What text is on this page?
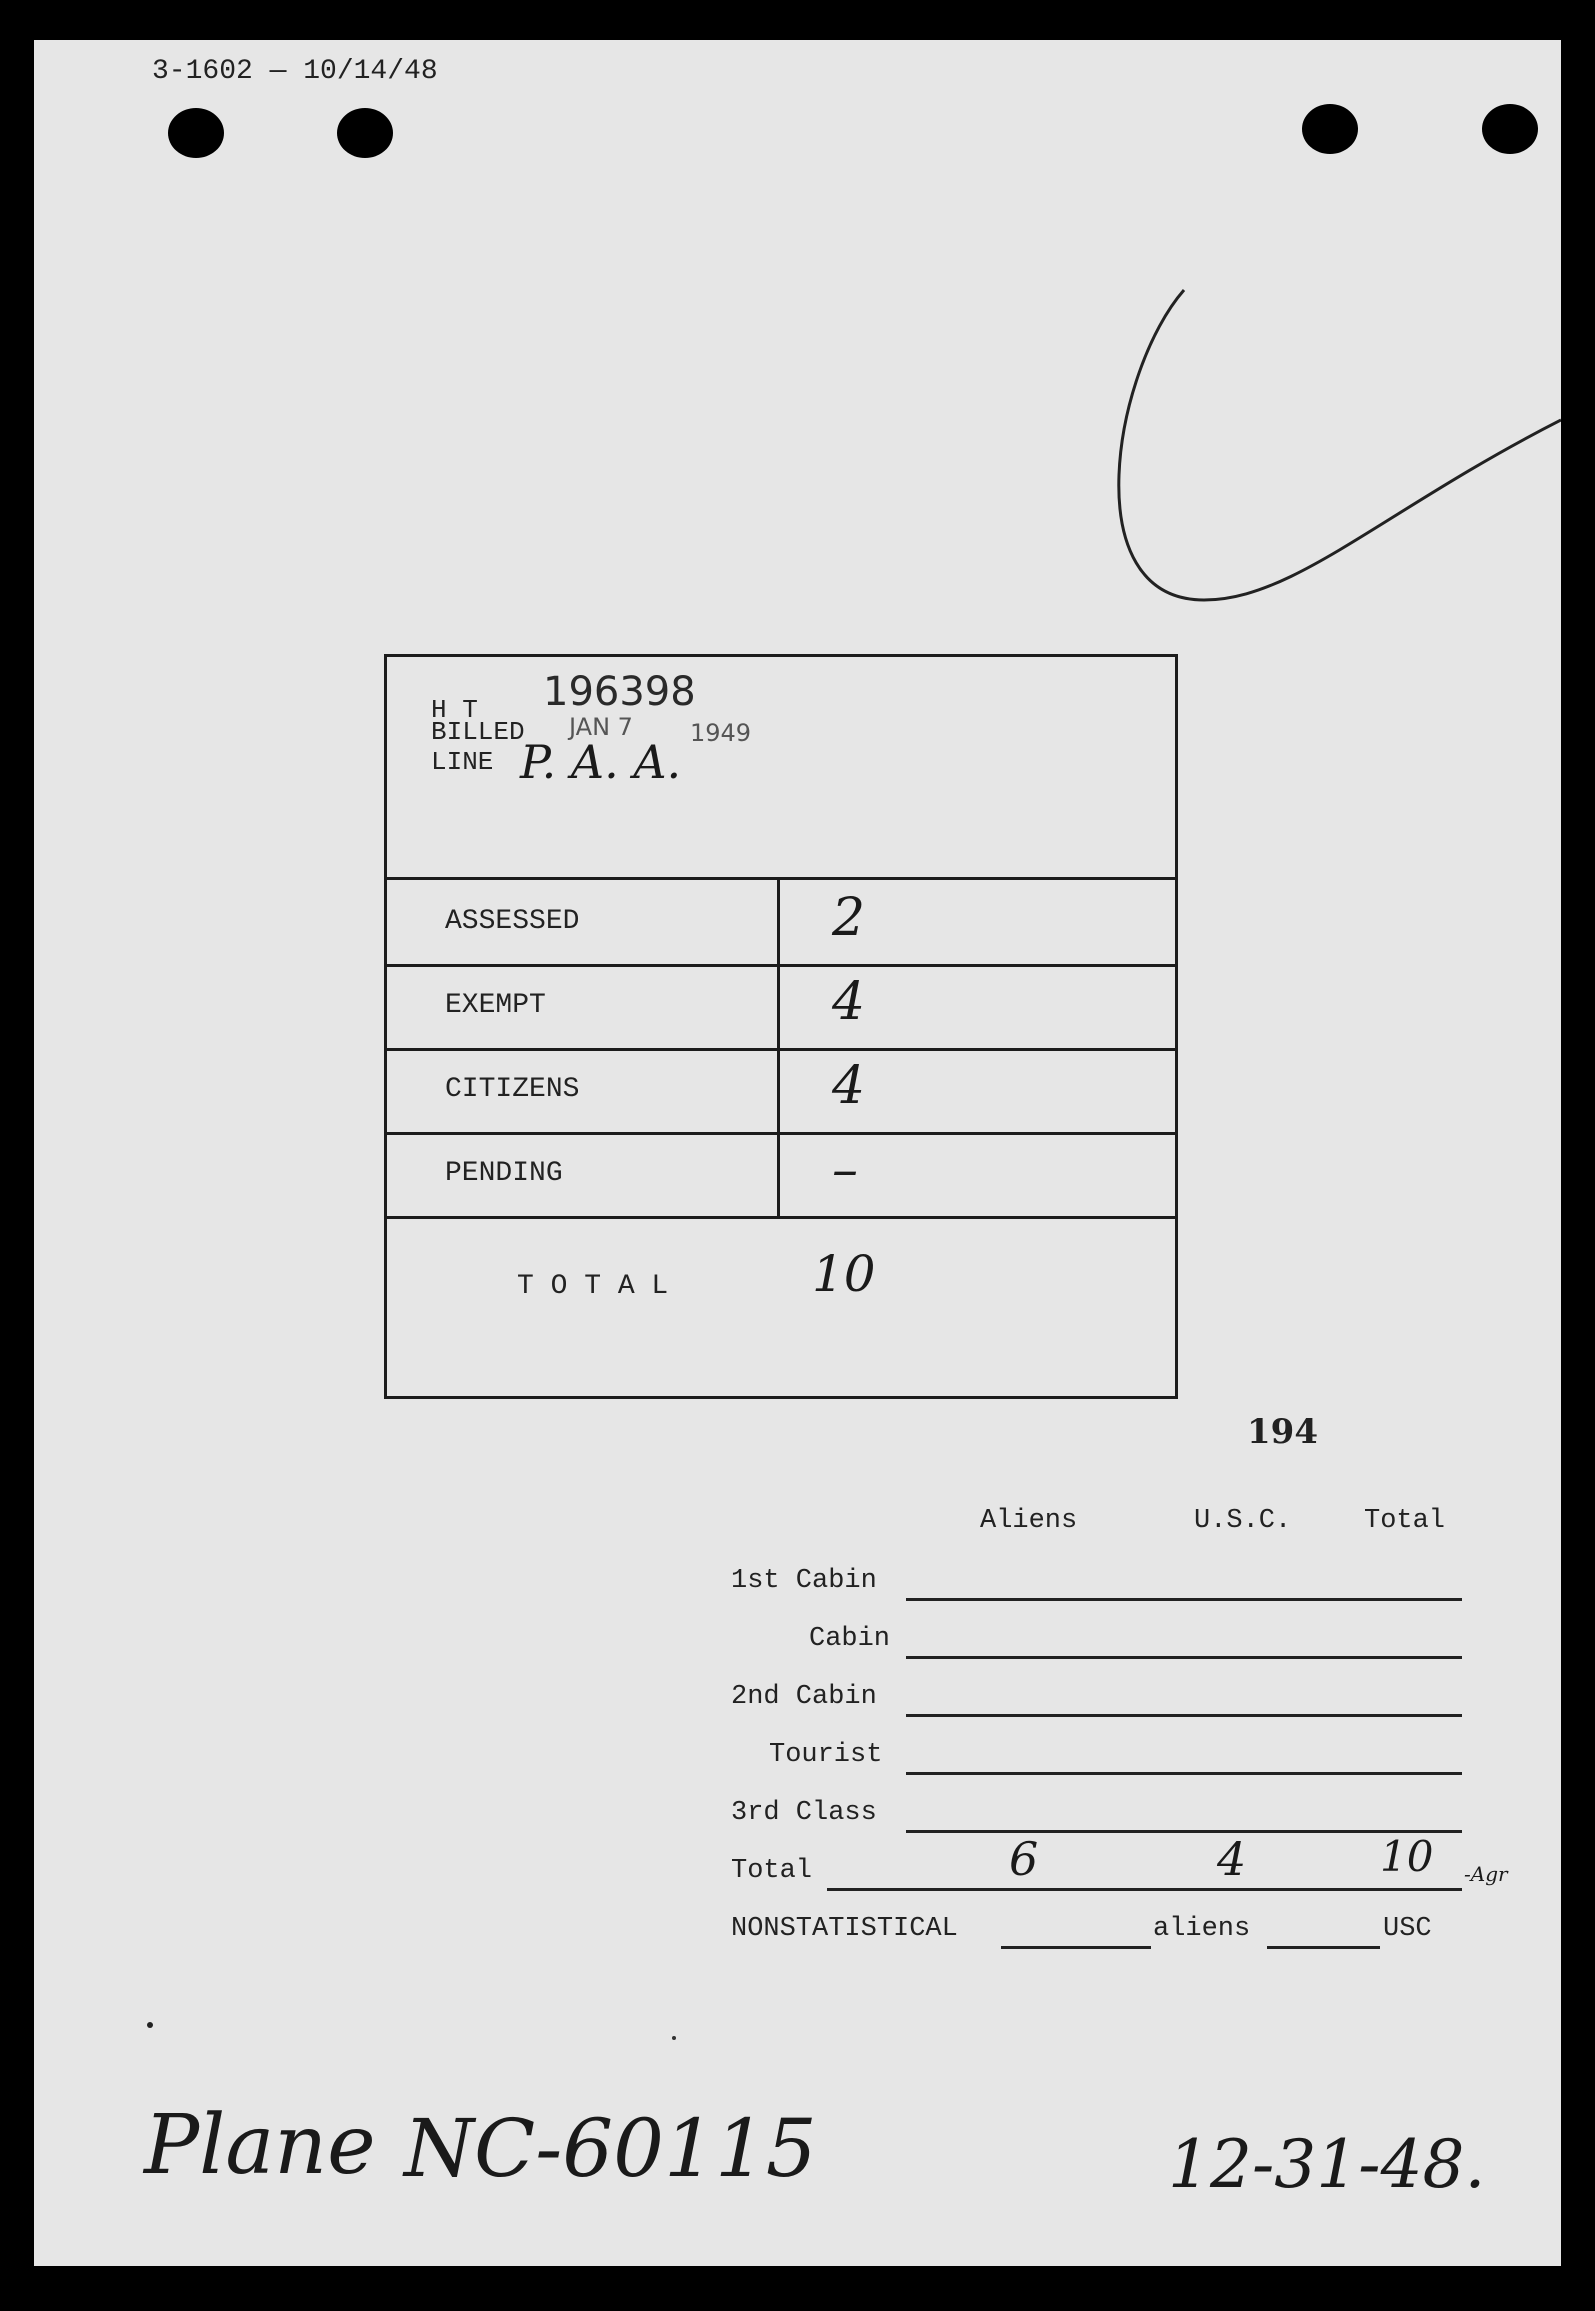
3-1602 — 10/14/48
H T 196398
BILLED JAN 7 1949
LINE P. A. A.
ASSESSED	2
EXEMPT	4
CITIZENS	4
PENDING	–
T O T A L	10
194
Aliens	U.S.C.	Total
1st Cabin
Cabin
2nd Cabin
Tourist
3rd Class
Total	6	4	10 -Agr
NONSTATISTICAL	aliens	USC
Plane NC-60115	12-31-48.
